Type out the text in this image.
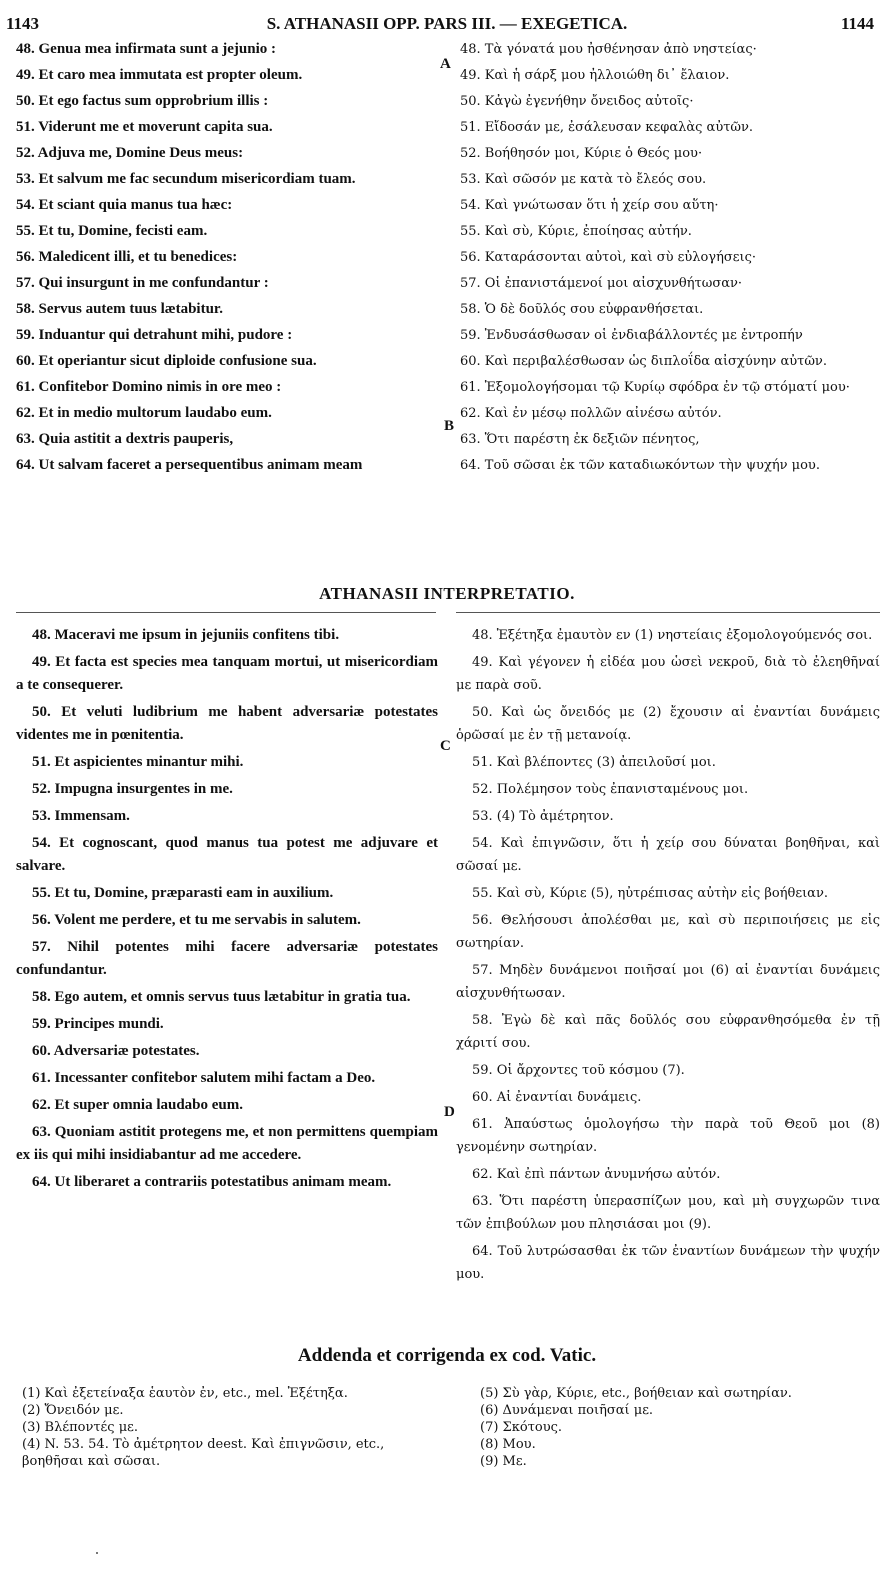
1143	S. ATHANASII OPP. PARS III. — EXEGETICA.	1144

48. Genua mea infirmata sunt a jejunio :

49. Et caro mea immutata est propter oleum.

50. Et ego factus sum opprobrium illis :

51. Viderunt me et moverunt capita sua.

52. Adjuva me, Domine Deus meus:

53. Et salvum me fac secundum misericordiam tuam.

54. Et sciant quia manus tua hæc:

55. Et tu, Domine, fecisti eam.

56. Maledicent illi, et tu benedices:

57. Qui insurgunt in me confundantur :

58. Servus autem tuus lætabitur.

59. Induantur qui detrahunt mihi, pudore :

60. Et operiantur sicut diploide confusione sua.

61. Confitebor Domino nimis in ore meo :

62. Et in medio multorum laudabo eum.

63. Quia astitit a dextris pauperis,

64. Ut salvam faceret a persequentibus animam meam

48. Τὰ γόνατά μου ἠσθένησαν ἀπὸ νηστείας·

49. Καὶ ἡ σάρξ μου ἠλλοιώθη δι᾽ ἔλαιον.

50. Κἀγὼ ἐγενήθην ὄνειδος αὐτοῖς·

51. Εἴδοσάν με, ἐσάλευσαν κεφαλὰς αὐτῶν.

52. Βοήθησόν μοι, Κύριε ὁ Θεός μου·

53. Καὶ σῶσόν με κατὰ τὸ ἔλεός σου.

54. Καὶ γνώτωσαν ὅτι ἡ χείρ σου αὕτη·

55. Καὶ σὺ, Κύριε, ἐποίησας αὐτήν.

56. Καταράσονται αὐτοὶ, καὶ σὺ εὐλογήσεις·

57. Οἱ ἐπανιστάμενοί μοι αἰσχυνθήτωσαν·

58. Ὁ δὲ δοῦλός σου εὐφρανθήσεται.

59. Ἐνδυσάσθωσαν οἱ ἐνδιαβάλλοντές με ἐντροπήν

60. Καὶ περιβαλέσθωσαν ὡς διπλοΐδα αἰσχύνην αὐτῶν.

61. Ἐξομολογήσομαι τῷ Κυρίῳ σφόδρα ἐν τῷ στόματί μου·

62. Καὶ ἐν μέσῳ πολλῶν αἰνέσω αὐτόν.

63. Ὅτι παρέστη ἐκ δεξιῶν πένητος,

64. Τοῦ σῶσαι ἐκ τῶν καταδιωκόντων τὴν ψυχήν μου.

A
B
ATHANASII INTERPRETATIO.

48. Maceravi me ipsum in jejuniis confitens tibi.

49. Et facta est species mea tanquam mortui, ut misericordiam a te consequerer.

50. Et veluti ludibrium me habent adversariæ potestates videntes me in pœnitentia.

51. Et aspicientes minantur mihi.

52. Impugna insurgentes in me.

53. Immensam.

54. Et cognoscant, quod manus tua potest me adjuvare et salvare.

55. Et tu, Domine, præparasti eam in auxilium.

56. Volent me perdere, et tu me servabis in salutem.

57. Nihil potentes mihi facere adversariæ potestates confundantur.

58. Ego autem, et omnis servus tuus lætabitur in gratia tua.

59. Principes mundi.

60. Adversariæ potestates.

61. Incessanter confitebor salutem mihi factam a Deo.

62. Et super omnia laudabo eum.

63. Quoniam astitit protegens me, et non permittens quempiam ex iis qui mihi insidiabantur ad me accedere.

64. Ut liberaret a contrariis potestatibus animam meam.

48. Ἐξέτηξα ἐμαυτὸν εν (1) νηστείαις ἐξομολογούμενός σοι.

49. Καὶ γέγονεν ἡ εἰδέα μου ὡσεὶ νεκροῦ, διὰ τὸ ἐλεηθῆναί με παρὰ σοῦ.

50. Καὶ ὡς ὄνειδός με (2) ἔχουσιν αἱ ἐναντίαι δυνάμεις ὁρῶσαί με ἐν τῇ μετανοίᾳ.

51. Καὶ βλέποντες (3) ἀπειλοῦσί μοι.

52. Πολέμησον τοὺς ἐπανισταμένους μοι.

53. (4) Τὸ ἀμέτρητον.

54. Καὶ ἐπιγνῶσιν, ὅτι ἡ χείρ σου δύναται βοηθῆναι, καὶ σῶσαί με.

55. Καὶ σὺ, Κύριε (5), ηὐτρέπισας αὐτὴν εἰς βοήθειαν.

56. Θελήσουσι ἀπολέσθαι με, καὶ σὺ περιποιήσεις με εἰς σωτηρίαν.

57. Μηδὲν δυνάμενοι ποιῆσαί μοι (6) αἱ ἐναντίαι δυνάμεις αἰσχυνθήτωσαν.

58. Ἐγὼ δὲ καὶ πᾶς δοῦλός σου εὐφρανθησόμεθα ἐν τῇ χάριτί σου.

59. Οἱ ἄρχοντες τοῦ κόσμου (7).

60. Αἱ ἐναντίαι δυνάμεις.

61. Ἀπαύστως ὁμολογήσω τὴν παρὰ τοῦ Θεοῦ μοι (8) γενομένην σωτηρίαν.

62. Καὶ ἐπὶ πάντων ἀνυμνήσω αὐτόν.

63. Ὅτι παρέστη ὑπερασπίζων μου, καὶ μὴ συγχωρῶν τινα τῶν ἐπιβούλων μου πλησιάσαι μοι (9).

64. Τοῦ λυτρώσασθαι ἐκ τῶν ἐναντίων δυνάμεων τὴν ψυχήν μου.

C
D
Addenda et corrigenda ex cod. Vatic.

(1) Καὶ ἐξετείναξα ἑαυτὸν ἐν, etc., mel. Ἐξέτηξα.

(2) Ὄνειδόν με.

(3) Βλέποντές με.

(4) N. 53. 54. Τὸ ἀμέτρητον deest. Καὶ ἐπιγνῶσιν, etc., βοηθῆσαι καὶ σῶσαι.

(5) Σὺ γὰρ, Κύριε, etc., βοήθειαν καὶ σωτηρίαν.

(6) Δυνάμεναι ποιῆσαί με.

(7) Σκότους.

(8) Μου.

(9) Με.
